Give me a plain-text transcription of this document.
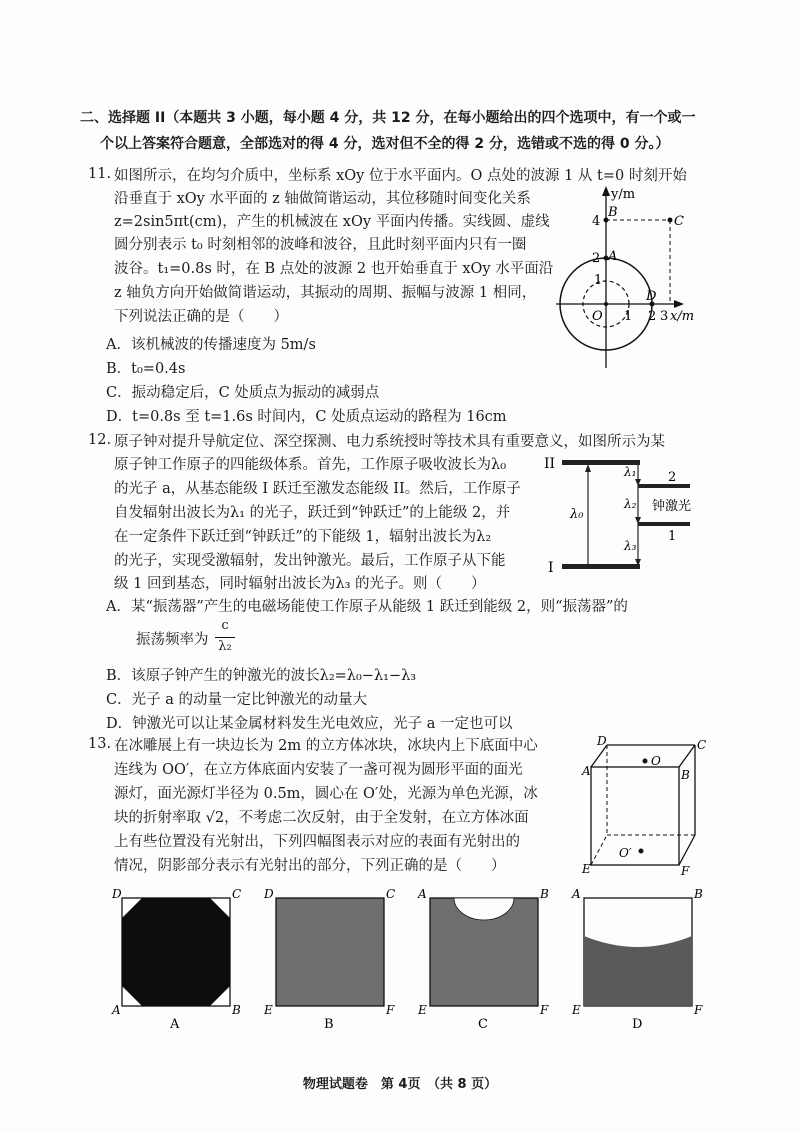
二、选择题 II（本题共 3 小题，每小题 4 分，共 12 分，在每小题给出的四个选项中，有一个或一
个以上答案符合题意，全部选对的得 4 分，选对但不全的得 2 分，选错或不选的得 0 分。）
11. 如图所示，在均匀介质中，坐标系 xOy 位于水平面内。O 点处的波源 1 从 t=0 时刻开始
沿垂直于 xOy 水平面的 z 轴做简谐运动，其位移随时间变化关系
z=2sin5πt(cm)，产生的机械波在 xOy 平面内传播。实线圆、虚线
圆分别表示 t₀ 时刻相邻的波峰和波谷，且此时刻平面内只有一圈
波谷。t₁=0.8s 时，在 B 点处的波源 2 也开始垂直于 xOy 水平面沿
z 轴负方向开始做简谐运动，其振动的周期、振幅与波源 1 相同，
下列说法正确的是（　　）
A．该机械波的传播速度为 5m/s
B．t₀=0.4s
C．振动稳定后，C 处质点为振动的减弱点
D．t=0.8s 至 t=1.6s 时间内，C 处质点运动的路程为 16cm
y/m
x/m
4
2
1
B
C
A
D
O 1 2 3
12. 原子钟对提升导航定位、深空探测、电力系统授时等技术具有重要意义，如图所示为某
原子钟工作原子的四能级体系。首先，工作原子吸收波长为λ₀
的光子 a，从基态能级 I 跃迁至激发态能级 II。然后，工作原子
自发辐射出波长为λ₁ 的光子，跃迁到“钟跃迁”的上能级 2，并
在一定条件下跃迁到“钟跃迁”的下能级 1，辐射出波长为λ₂
的光子，实现受激辐射，发出钟激光。最后，工作原子从下能
级 1 回到基态，同时辐射出波长为λ₃ 的光子。则（　　）
A．某“振荡器”产生的电磁场能使工作原子从能级 1 跃迁到能级 2，则“振荡器”的
振荡频率为
c
λ₂
B．该原子钟产生的钟激光的波长λ₂=λ₀−λ₁−λ₃
C．光子 a 的动量一定比钟激光的动量大
D．钟激光可以让某金属材料发生光电效应，光子 a 一定也可以
II
I
2
1
λ₀
λ₁
λ₂
λ₃
钟激光
13. 在冰雕展上有一块边长为 2m 的立方体冰块，冰块内上下底面中心
连线为 OO′，在立方体底面内安装了一盏可视为圆形平面的面光
源灯，面光源灯半径为 0.5m，圆心在 O′处，光源为单色光源，冰
块的折射率取 √2，不考虑二次反射，由于全发射，在立方体冰面
上有些位置没有光射出，下列四幅图表示对应的表面有光射出的
情况，阴影部分表示有光射出的部分，下列正确的是（　　）
D	C
A	B
O
O′
E	F
D	C
A	B
A
D	C
E	F
B
A	B
E	F
C
A	B
E	F
D
物理试题卷　第 4页　（共 8 页）
